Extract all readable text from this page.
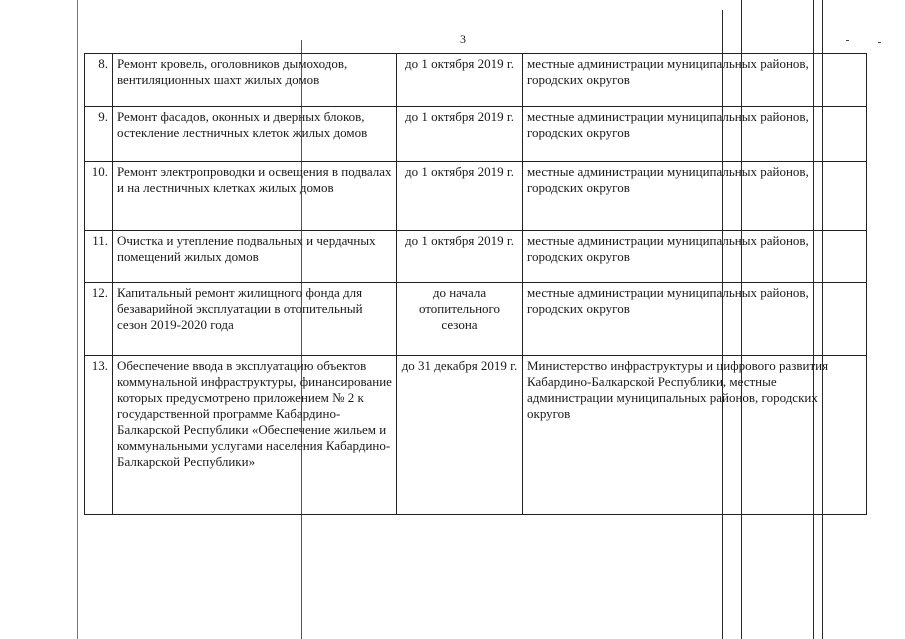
3
8.	Ремонт кровель, оголовников дымоходов, вентиляционных шахт жилых домов	до 1 октября 2019 г.	местные администрации муниципальных районов, городских округов
9.	Ремонт фасадов, оконных и дверных блоков, остекление лестничных клеток жилых домов	до 1 октября 2019 г.	местные администрации муниципальных районов, городских округов
10.	Ремонт электропроводки и освещения в подвалах и на лестничных клетках жилых домов	до 1 октября 2019 г.	местные администрации муниципальных районов, городских округов
11.	Очистка и утепление подвальных и чердачных помещений жилых домов	до 1 октября 2019 г.	местные администрации муниципальных районов, городских округов
12.	Капитальный ремонт жилищного фонда для безаварийной эксплуатации в отопительный сезон 2019-2020 года	до начала отопительного сезона	местные администрации муниципальных районов, городских округов
13.	Обеспечение ввода в эксплуатацию объектов коммунальной инфраструктуры, финансирование которых предусмотрено приложением № 2 к государственной программе Кабардино-Балкарской Республики «Обеспечение жильем и коммунальными услугами населения Кабардино-Балкарской Республики»	до 31 декабря 2019 г.	Министерство инфраструктуры и цифрового развития Кабардино-Балкарской Республики, местные администрации муниципальных районов, городских округов
